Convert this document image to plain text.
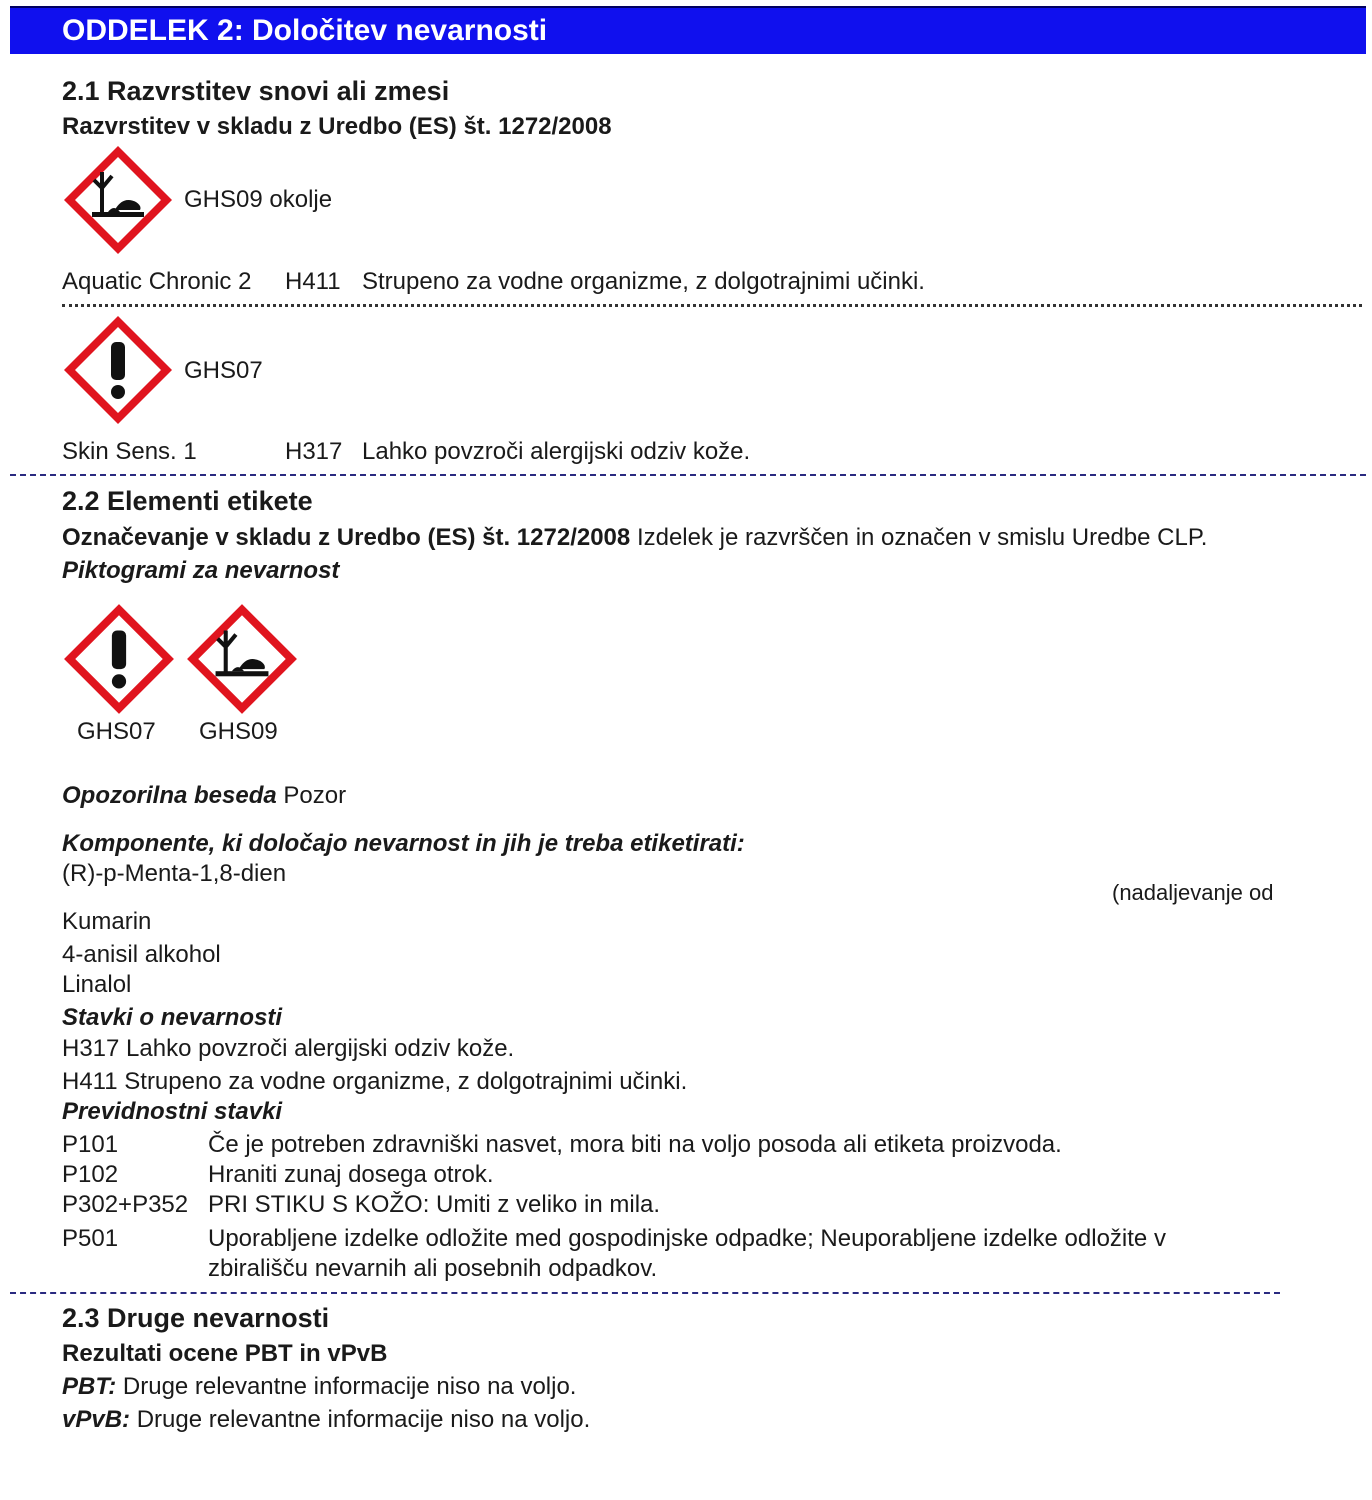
ODDELEK 2: Določitev nevarnosti
2.1 Razvrstitev snovi ali zmesi
Razvrstitev v skladu z Uredbo (ES) št. 1272/2008
GHS09 okolje
Aquatic Chronic 2 H411 Strupeno za vodne organizme, z dolgotrajnimi učinki.
GHS07
Skin Sens. 1	H317 Lahko povzroči alergijski odziv kože.
2.2 Elementi etikete
Označevanje v skladu z Uredbo (ES) št. 1272/2008 Izdelek je razvrščen in označen v smislu Uredbe CLP.
Piktogrami za nevarnost
GHS07 GHS09
Opozorilna beseda Pozor
Komponente, ki določajo nevarnost in jih je treba etiketirati:
(R)-p-Menta-1,8-dien
(nadaljevanje od
Kumarin
4-anisil alkohol
Linalol
Stavki o nevarnosti
H317 Lahko povzroči alergijski odziv kože.
H411 Strupeno za vodne organizme, z dolgotrajnimi učinki.
Previdnostni stavki
P101	Če je potreben zdravniški nasvet, mora biti na voljo posoda ali etiketa proizvoda.
P102	Hraniti zunaj dosega otrok.
P302+P352 PRI STIKU S KOŽO: Umiti z veliko in mila.
P501	Uporabljene izdelke odložite med gospodinjske odpadke; Neuporabljene izdelke odložite v
zbirališču nevarnih ali posebnih odpadkov.
2.3 Druge nevarnosti
Rezultati ocene PBT in vPvB
PBT: Druge relevantne informacije niso na voljo.
vPvB: Druge relevantne informacije niso na voljo.
